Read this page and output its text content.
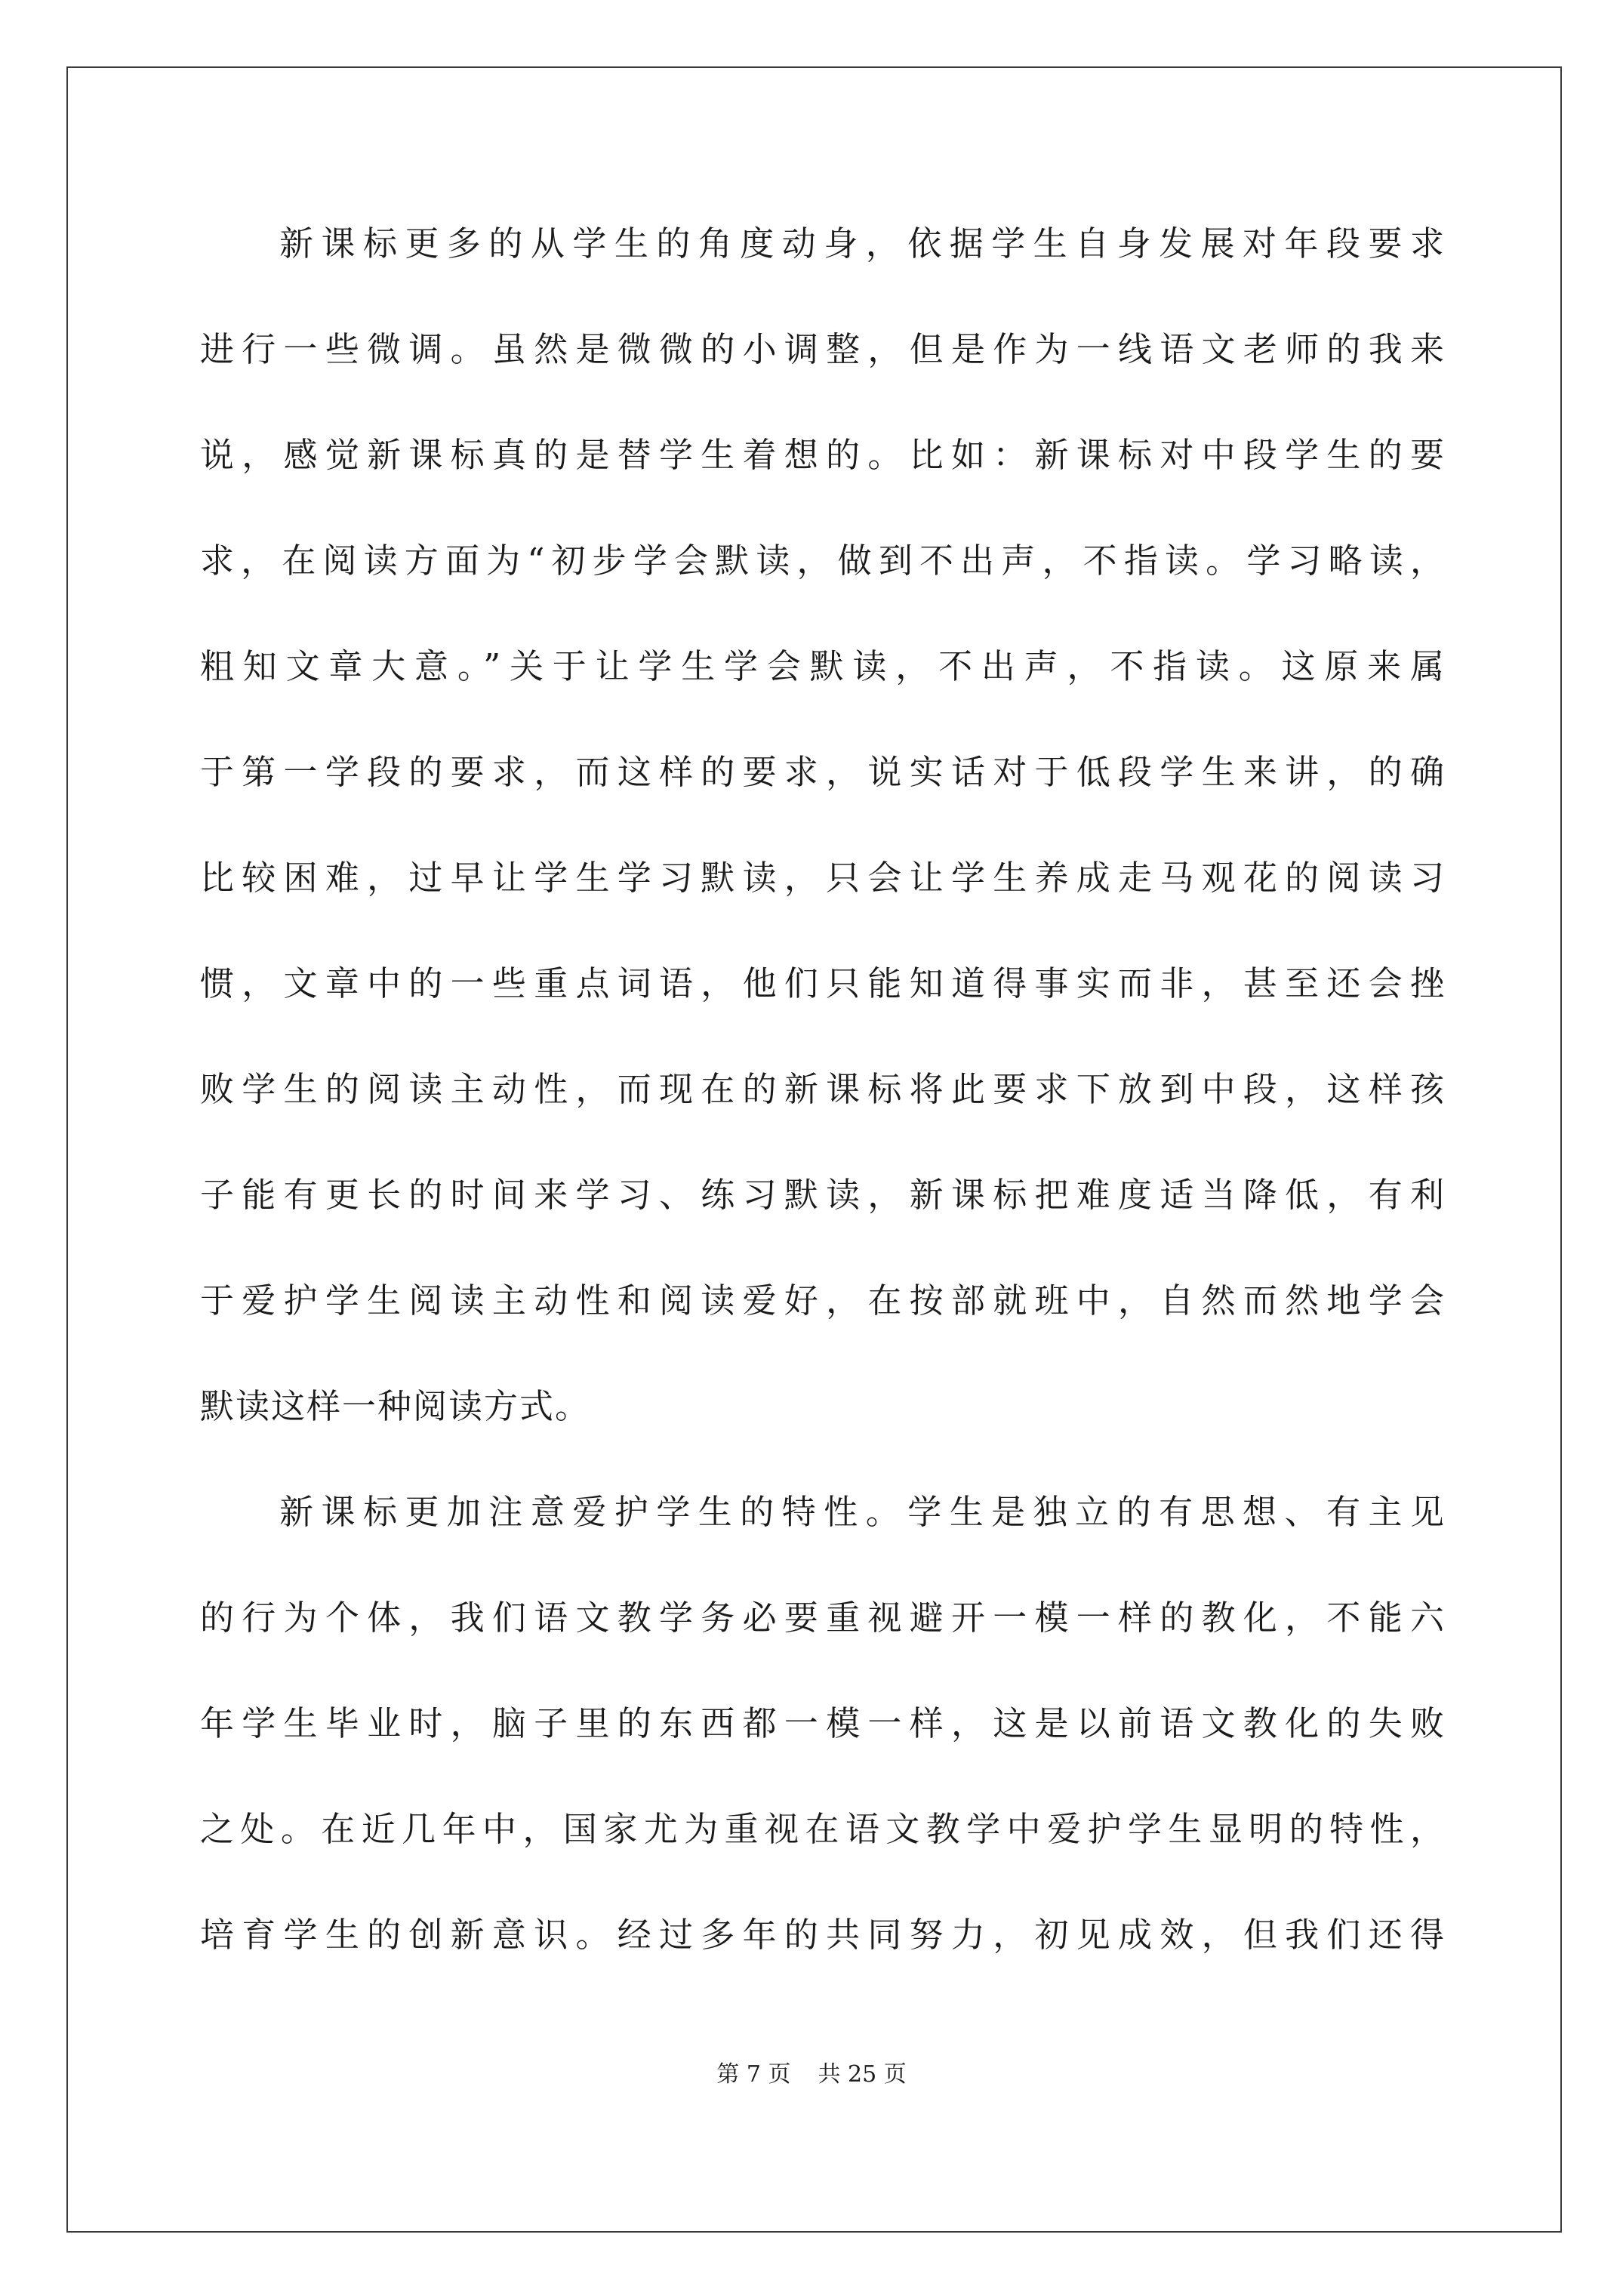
新课标更多的从学生的角度动身，依据学生自身发展对年段要求
进行一些微调。虽然是微微的小调整，但是作为一线语文老师的我来
说，感觉新课标真的是替学生着想的。比如：新课标对中段学生的要
求，在阅读方面为“初步学会默读，做到不出声，不指读。学习略读，
粗知文章大意。”关于让学生学会默读，不出声，不指读。这原来属
于第一学段的要求，而这样的要求，说实话对于低段学生来讲，的确
比较困难，过早让学生学习默读，只会让学生养成走马观花的阅读习
惯，文章中的一些重点词语，他们只能知道得事实而非，甚至还会挫
败学生的阅读主动性，而现在的新课标将此要求下放到中段，这样孩
子能有更长的时间来学习、练习默读，新课标把难度适当降低，有利
于爱护学生阅读主动性和阅读爱好，在按部就班中，自然而然地学会
默读这样一种阅读方式。
新课标更加注意爱护学生的特性。学生是独立的有思想、有主见
的行为个体，我们语文教学务必要重视避开一模一样的教化，不能六
年学生毕业时，脑子里的东西都一模一样，这是以前语文教化的失败
之处。在近几年中，国家尤为重视在语文教学中爱护学生显明的特性，
培育学生的创新意识。经过多年的共同努力，初见成效，但我们还得
第 7 页 共 25 页
